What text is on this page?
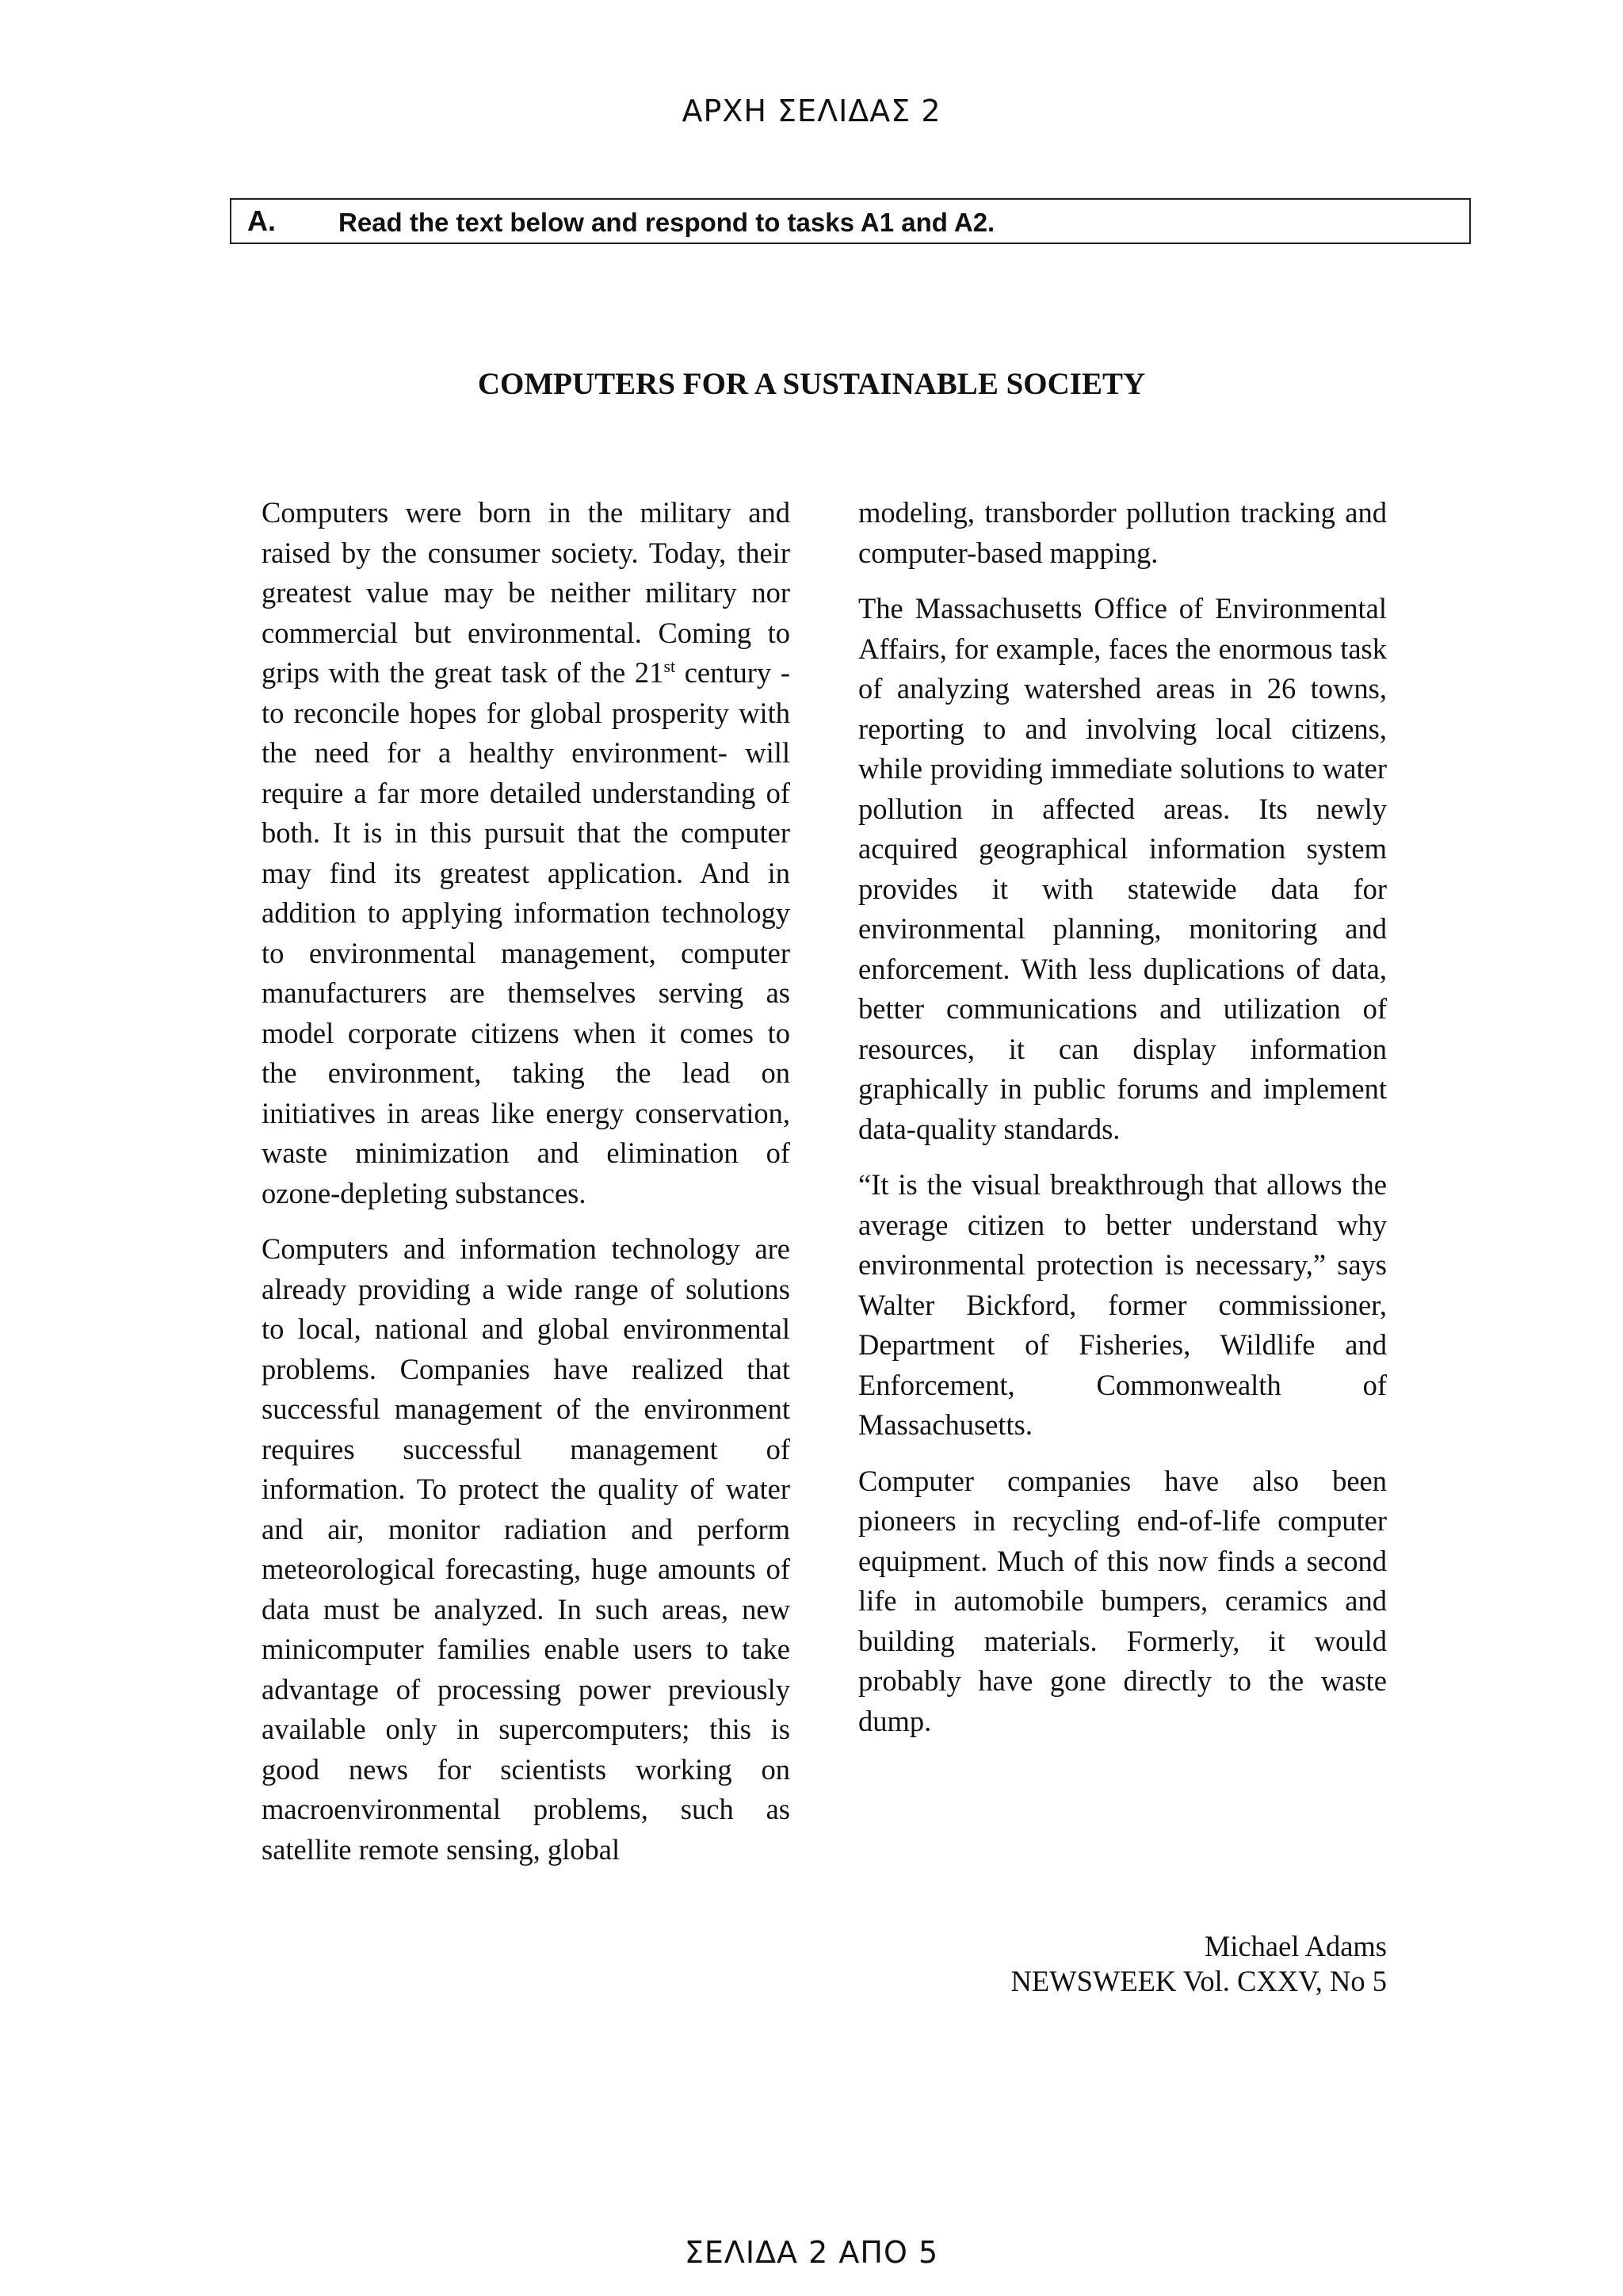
ΑΡΧΗ ΣΕΛΙΔΑΣ 2
A. Read the text below and respond to tasks A1 and A2.
COMPUTERS FOR A SUSTAINABLE SOCIETY

Computers were born in the military and raised by the consumer society. Today, their greatest value may be neither military nor commercial but environmental. Coming to grips with the great task of the 21st century -to reconcile hopes for global prosperity with the need for a healthy environment- will require a far more detailed understanding of both. It is in this pursuit that the computer may find its greatest application. And in addition to applying information technology to environmental management, computer manufacturers are themselves serving as model corporate citizens when it comes to the environment, taking the lead on initiatives in areas like energy conservation, waste minimization and elimination of ozone-depleting substances.

Computers and information technology are already providing a wide range of solutions to local, national and global environmental problems. Companies have realized that successful management of the environment requires successful management of information. To protect the quality of water and air, monitor radiation and perform meteorological forecasting, huge amounts of data must be analyzed. In such areas, new minicomputer families enable users to take advantage of processing power previously available only in supercomputers; this is good news for scientists working on macroenvironmental problems, such as satellite remote sensing, global

modeling, transborder pollution tracking and computer-based mapping.

The Massachusetts Office of Environmental Affairs, for example, faces the enormous task of analyzing watershed areas in 26 towns, reporting to and involving local citizens, while providing immediate solutions to water pollution in affected areas. Its newly acquired geographical information system provides it with statewide data for environmental planning, monitoring and enforcement. With less duplications of data, better communications and utilization of resources, it can display information graphically in public forums and implement data-quality standards.

“It is the visual breakthrough that allows the average citizen to better understand why environmental protection is necessary,” says Walter Bickford, former commissioner, Department of Fisheries, Wildlife and Enforcement, Commonwealth of Massachusetts.

Computer companies have also been pioneers in recycling end-of-life computer equipment. Much of this now finds a second life in automobile bumpers, ceramics and building materials. Formerly, it would probably have gone directly to the waste dump.

Michael Adams
NEWSWEEK Vol. CXXV, No 5
ΣΕΛΙΔΑ 2 ΑΠΟ 5
